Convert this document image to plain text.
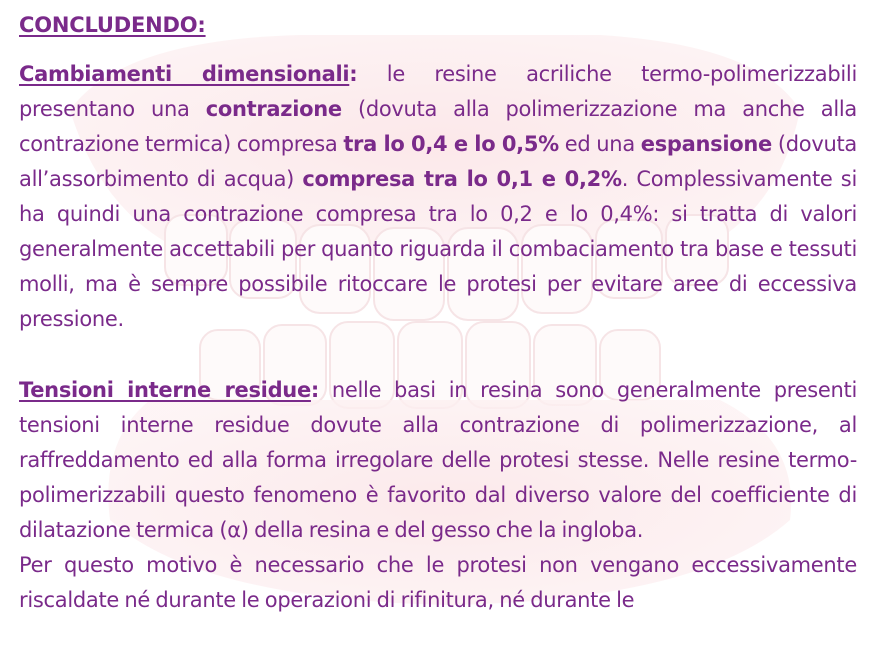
CONCLUDENDO:

Cambiamenti dimensionali: le resine acriliche termo-polimerizzabili presentano una contrazione (dovuta alla polimerizzazione ma anche alla contrazione termica) compresa tra lo 0,4 e lo 0,5% ed una espansione (dovuta all’assorbimento di acqua) compresa tra lo 0,1 e 0,2%. Complessivamente si ha quindi una contrazione compresa tra lo 0,2 e lo 0,4%: si tratta di valori generalmente accettabili per quanto riguarda il combaciamento tra base e tessuti molli, ma è sempre possibile ritoccare le protesi per evitare aree di eccessiva pressione.

Tensioni interne residue: nelle basi in resina sono generalmente presenti tensioni interne residue dovute alla contrazione di polimerizzazione, al raffreddamento ed alla forma irregolare delle protesi stesse. Nelle resine termo-polimerizzabili questo fenomeno è favorito dal diverso valore del coefficiente di dilatazione termica (α) della resina e del gesso che la ingloba.

Per questo motivo è necessario che le protesi non vengano eccessivamente riscaldate né durante le operazioni di rifinitura, né durante le
